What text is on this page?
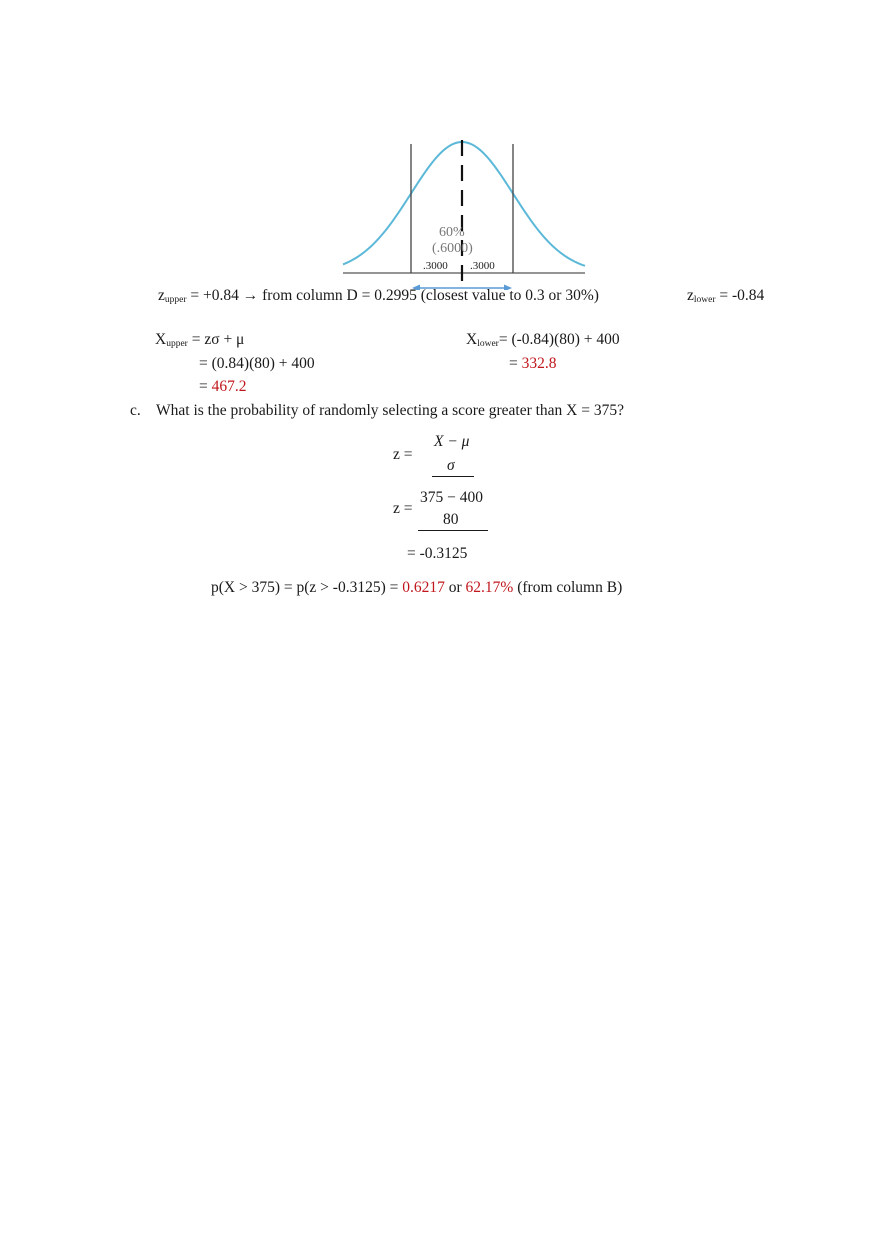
60%
(.6000)
.3000 .3000
$z_{upper} = +0.84$ → from column D = 0.2995 (closest value to 0.3 or 30%)	$z_{lower} = -0.84$
$X_{upper} = z\sigma + \mu$
= (0.84)(80) + 400
= 467.2
$X_{lower}= (-0.84)(80) + 400$
= 332.8
c. What is the probability of randomly selecting a score greater than X = 375?
z =
X − μ
σ
z =
375 − 400
80
= -0.3125
p(X > 375) = p(z > -0.3125) = 0.6217 or 62.17% (from column B)
